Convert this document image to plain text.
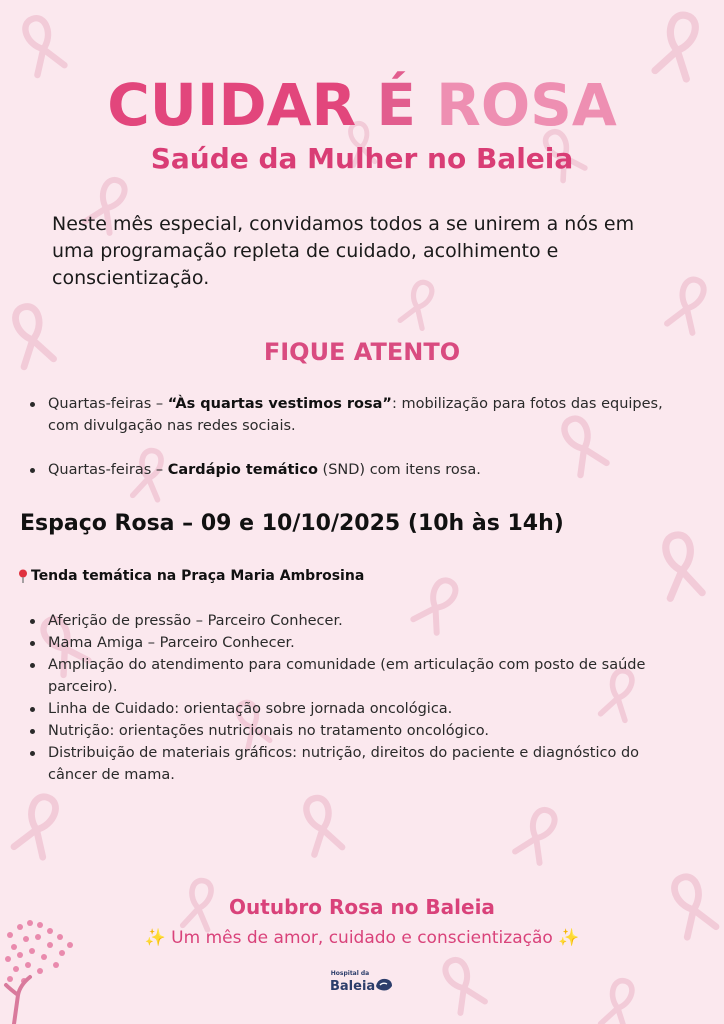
CUIDAR É ROSA
Saúde da Mulher no Baleia

Neste mês especial, convidamos todos a se unirem a nós em uma programação repleta de cuidado, acolhimento e conscientização.

FIQUE ATENTO
Quartas-feiras – “Às quartas vestimos rosa”: mobilização para fotos das equipes, com divulgação nas redes sociais.
Quartas-feiras – Cardápio temático (SND) com itens rosa.
Espaço Rosa – 09 e 10/10/2025 (10h às 14h)
Tenda temática na Praça Maria Ambrosina
Aferição de pressão – Parceiro Conhecer.
Mama Amiga – Parceiro Conhecer.
Ampliação do atendimento para comunidade (em articulação com posto de saúde parceiro).
Linha de Cuidado: orientação sobre jornada oncológica.
Nutrição: orientações nutricionais no tratamento oncológico.
Distribuição de materiais gráficos: nutrição, direitos do paciente e diagnóstico do câncer de mama.
Outubro Rosa no Baleia

✨ Um mês de amor, cuidado e conscientização ✨

Hospital da
Baleia
